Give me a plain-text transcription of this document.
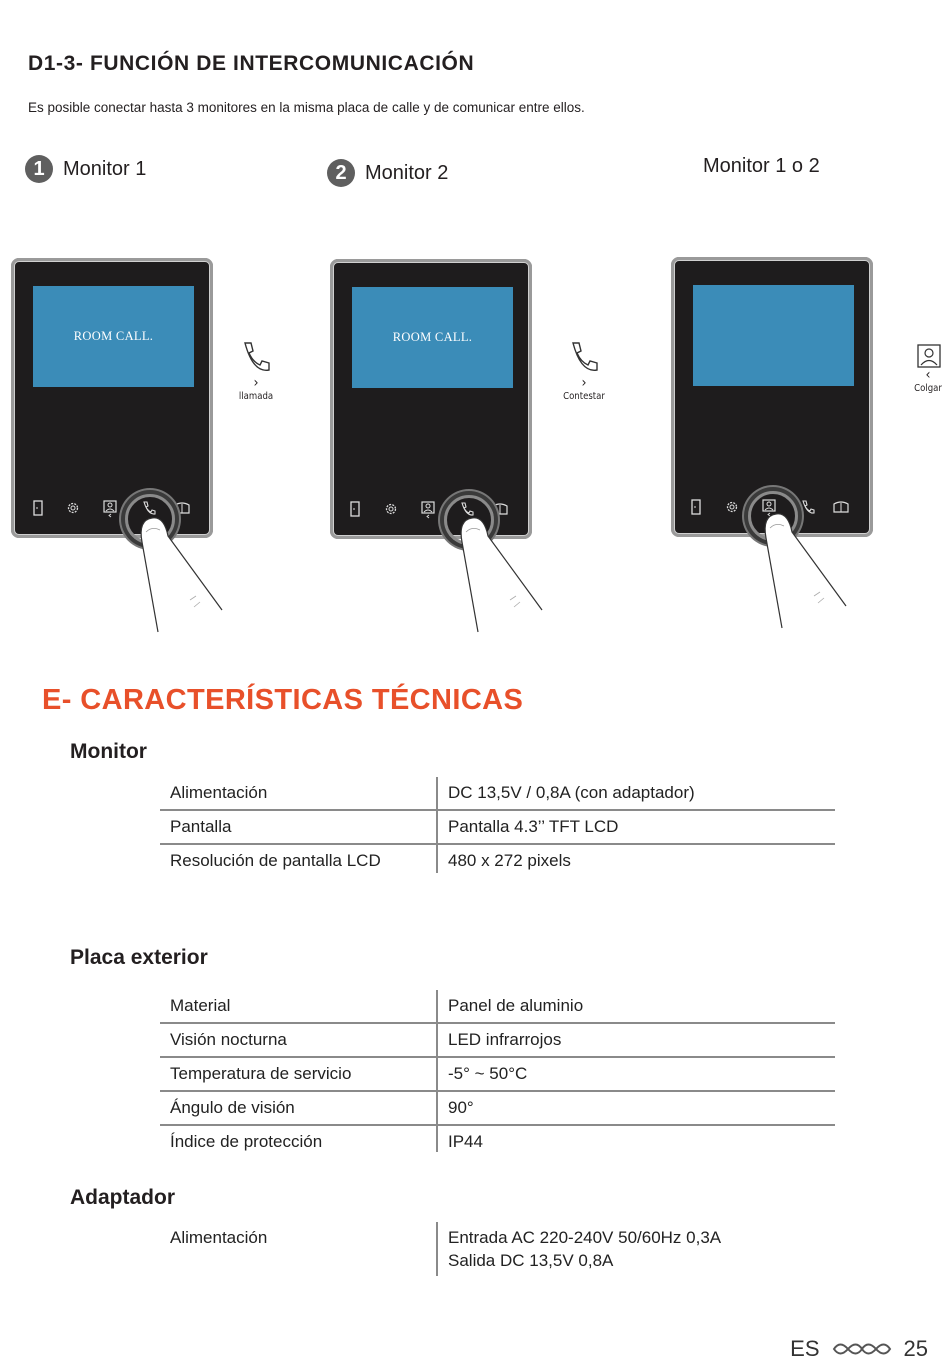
D1-3- FUNCIÓN DE INTERCOMUNICACIÓN

Es posible conectar hasta 3 monitores en la misma placa de calle y de comunicar entre ellos.

1 Monitor 1	2 Monitor 2	Monitor 1 o 2
ROOM CALL.
›
llamada
ROOM CALL.
›
Contestar
‹
Colgar
E- CARACTERÍSTICAS TÉCNICAS
Monitor
Alimentación	DC 13,5V / 0,8A (con adaptador)
Pantalla	Pantalla 4.3’’ TFT LCD
Resolución de pantalla LCD	480 x 272 pixels
Placa exterior
Material	Panel de aluminio
Visión nocturna	LED infrarrojos
Temperatura de servicio	-5° ~ 50°C
Ángulo de visión	90°
Índice de protección	IP44
Adaptador
Alimentación	Entrada AC 220-240V 50/60Hz 0,3A
Salida DC 13,5V 0,8A
ES	25
